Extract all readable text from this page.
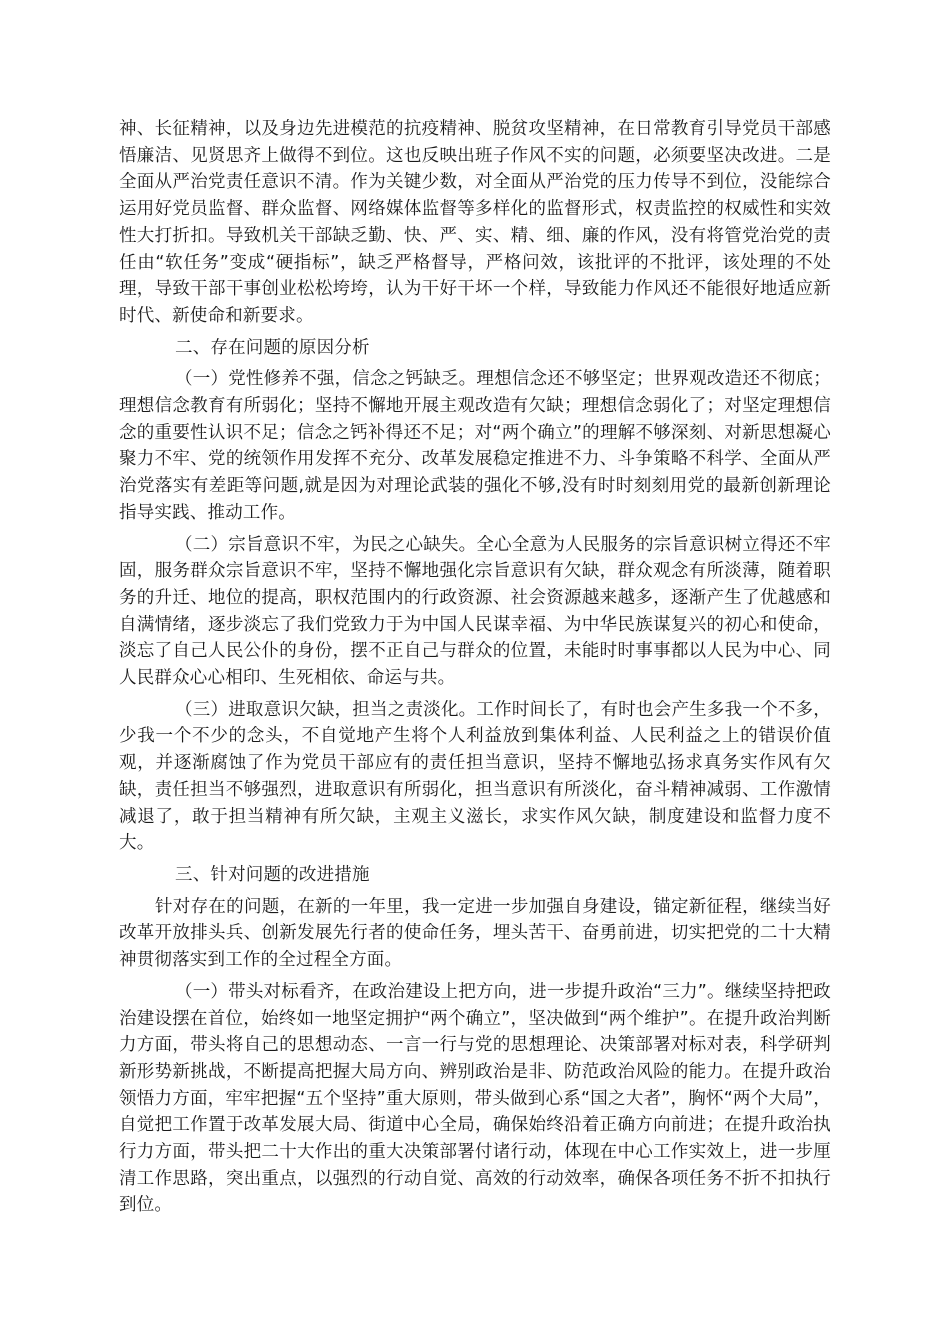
神、长征精神，以及身边先进模范的抗疫精神、脱贫攻坚精神，在日常教育引导党员干部感悟廉洁、见贤思齐上做得不到位。这也反映出班子作风不实的问题，必须要坚决改进。二是全面从严治党责任意识不清。作为关键少数，对全面从严治党的压力传导不到位，没能综合运用好党员监督、群众监督、网络媒体监督等多样化的监督形式，权责监控的权威性和实效性大打折扣。导致机关干部缺乏勤、快、严、实、精、细、廉的作风，没有将管党治党的责任由“软任务”变成“硬指标”，缺乏严格督导，严格问效，该批评的不批评，该处理的不处理，导致干部干事创业松松垮垮，认为干好干坏一个样，导致能力作风还不能很好地适应新时代、新使命和新要求。

二、存在问题的原因分析

（一）党性修养不强，信念之钙缺乏。理想信念还不够坚定；世界观改造还不彻底；理想信念教育有所弱化；坚持不懈地开展主观改造有欠缺；理想信念弱化了；对坚定理想信念的重要性认识不足；信念之钙补得还不足；对“两个确立”的理解不够深刻、对新思想凝心聚力不牢、党的统领作用发挥不充分、改革发展稳定推进不力、斗争策略不科学、全面从严治党落实有差距等问题,就是因为对理论武装的强化不够,没有时时刻刻用党的最新创新理论指导实践、推动工作。

（二）宗旨意识不牢，为民之心缺失。全心全意为人民服务的宗旨意识树立得还不牢固，服务群众宗旨意识不牢，坚持不懈地强化宗旨意识有欠缺，群众观念有所淡薄，随着职务的升迁、地位的提高，职权范围内的行政资源、社会资源越来越多，逐渐产生了优越感和自满情绪，逐步淡忘了我们党致力于为中国人民谋幸福、为中华民族谋复兴的初心和使命，淡忘了自己人民公仆的身份，摆不正自己与群众的位置，未能时时事事都以人民为中心、同人民群众心心相印、生死相依、命运与共。

（三）进取意识欠缺，担当之责淡化。工作时间长了，有时也会产生多我一个不多，少我一个不少的念头，不自觉地产生将个人利益放到集体利益、人民利益之上的错误价值观，并逐渐腐蚀了作为党员干部应有的责任担当意识，坚持不懈地弘扬求真务实作风有欠缺，责任担当不够强烈，进取意识有所弱化，担当意识有所淡化，奋斗精神减弱、工作激情减退了，敢于担当精神有所欠缺，主观主义滋长，求实作风欠缺，制度建设和监督力度不大。

三、针对问题的改进措施

针对存在的问题，在新的一年里，我一定进一步加强自身建设，锚定新征程，继续当好改革开放排头兵、创新发展先行者的使命任务，埋头苦干、奋勇前进，切实把党的二十大精神贯彻落实到工作的全过程全方面。

（一）带头对标看齐，在政治建设上把方向，进一步提升政治“三力”。继续坚持把政治建设摆在首位，始终如一地坚定拥护“两个确立”，坚决做到“两个维护”。在提升政治判断力方面，带头将自己的思想动态、一言一行与党的思想理论、决策部署对标对表，科学研判新形势新挑战，不断提高把握大局方向、辨别政治是非、防范政治风险的能力。在提升政治领悟力方面，牢牢把握“五个坚持”重大原则，带头做到心系“国之大者”，胸怀“两个大局”，自觉把工作置于改革发展大局、街道中心全局，确保始终沿着正确方向前进；在提升政治执行力方面，带头把二十大作出的重大决策部署付诸行动，体现在中心工作实效上，进一步厘清工作思路，突出重点，以强烈的行动自觉、高效的行动效率，确保各项任务不折不扣执行到位。
